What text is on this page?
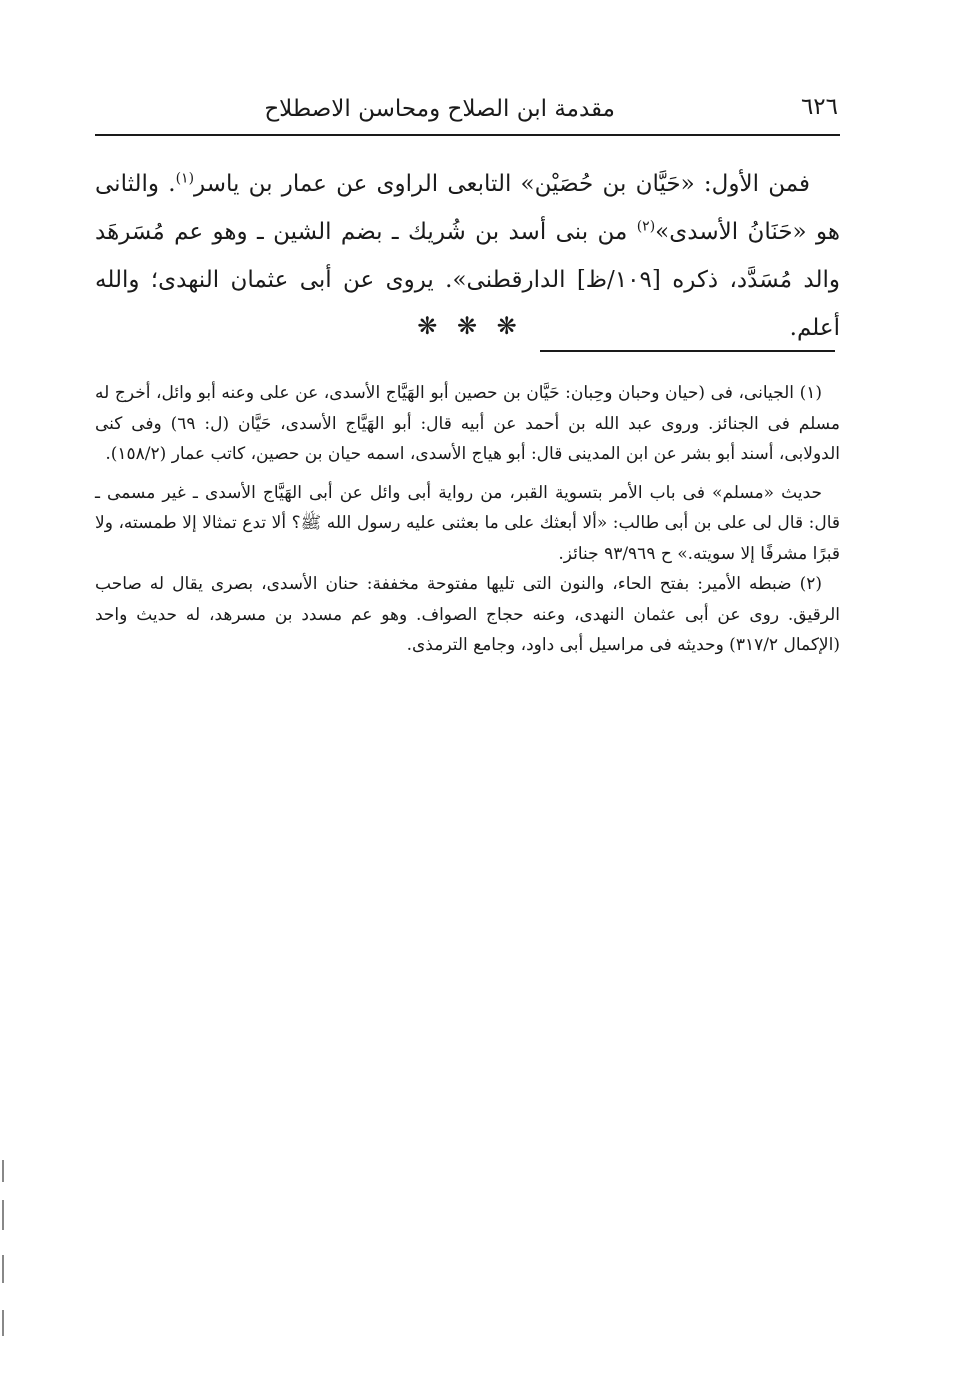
٦٢٦
مقدمة ابن الصلاح ومحاسن الاصطلاح

فمن الأول: «حَيَّان بن حُصَيْن» التابعى الراوى عن عمار بن ياسر$^{(١)}$. والثانى هو «حَنَانُ الأسدى»$^{(٢)}$ من بنى أسد بن شُريك ـ بضم الشين ـ وهو عم مُسَرهَد والد مُسَدَّد، ذكره [١٠٩/ظ] الدارقطنى». يروى عن أبى عثمان النهدى؛ والله أعلم.

❋ ❋ ❋

(١) الجيانى، فى (حيان وحبان وحِبان: حَيَّان بن حصين أبو الهَيَّاج الأسدى، عن على وعنه أبو وائل، أخرج له مسلم فى الجنائز. وروى عبد الله بن أحمد عن أبيه قال: أبو الهَيَّاج الأسدى، حَيَّان (ل: ٦٩) وفى كنى الدولابى، أسند أبو بشر عن ابن المدينى قال: أبو هياج الأسدى، اسمه حيان بن حصين، كاتب عمار (١٥٨/٢).

حديث «مسلم» فى باب الأمر بتسوية القبر، من رواية أبى وائل عن أبى الهَيَّاج الأسدى ـ غير مسمى ـ قال: قال لى على بن أبى طالب: «ألا أبعثك على ما بعثنى عليه رسول الله ﷺ؟ ألا تدع تمثالا إلا طمسته، ولا قبرًا مشرفًا إلا سويته.» ح ٩٣/٩٦٩ جنائز.

(٢) ضبطه الأمير: بفتح الحاء، والنون التى تليها مفتوحة مخففة: حنان الأسدى، بصرى يقال له صاحب الرقيق. روى عن أبى عثمان النهدى، وعنه حجاج الصواف. وهو عم مسدد بن مسرهد، له حديث واحد (الإكمال ٣١٧/٢) وحديثه فى مراسيل أبى داود، وجامع الترمذى.
